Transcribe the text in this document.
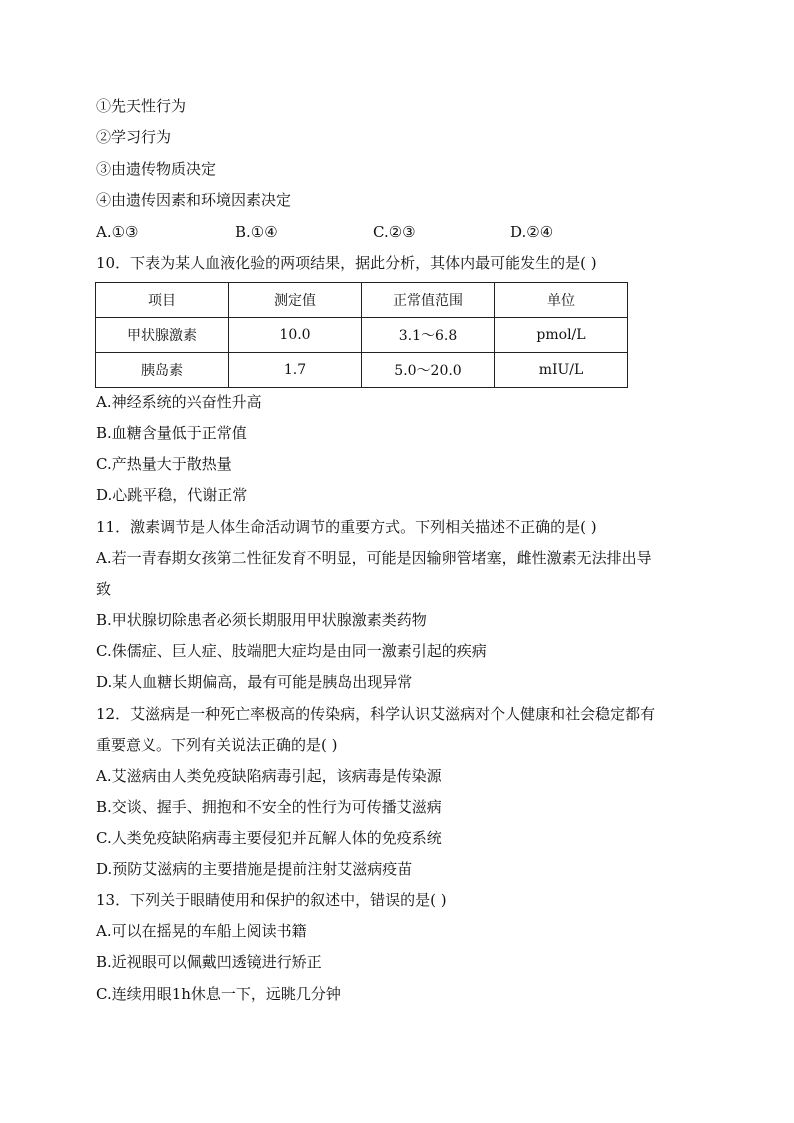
①先天性行为
②学习行为
③由遗传物质决定
④由遗传因素和环境因素决定
A.①③	B.①④	C.②③	D.②④
10．下表为某人血液化验的两项结果，据此分析，其体内最可能发生的是( )
项目	测定值	正常值范围	单位
甲状腺激素	10.0	3.1～6.8	pmol/L
胰岛素	1.7	5.0～20.0	mIU/L
A.神经系统的兴奋性升高
B.血糖含量低于正常值
C.产热量大于散热量
D.心跳平稳，代谢正常
11．激素调节是人体生命活动调节的重要方式。下列相关描述不正确的是( )
A.若一青春期女孩第二性征发育不明显，可能是因输卵管堵塞，雌性激素无法排出导
致
B.甲状腺切除患者必须长期服用甲状腺激素类药物
C.侏儒症、巨人症、肢端肥大症均是由同一激素引起的疾病
D.某人血糖长期偏高，最有可能是胰岛出现异常
12．艾滋病是一种死亡率极高的传染病，科学认识艾滋病对个人健康和社会稳定都有
重要意义。下列有关说法正确的是( )
A.艾滋病由人类免疫缺陷病毒引起，该病毒是传染源
B.交谈、握手、拥抱和不安全的性行为可传播艾滋病
C.人类免疫缺陷病毒主要侵犯并瓦解人体的免疫系统
D.预防艾滋病的主要措施是提前注射艾滋病疫苗
13．下列关于眼睛使用和保护的叙述中，错误的是( )
A.可以在摇晃的车船上阅读书籍
B.近视眼可以佩戴凹透镜进行矫正
C.连续用眼1h休息一下，远眺几分钟
